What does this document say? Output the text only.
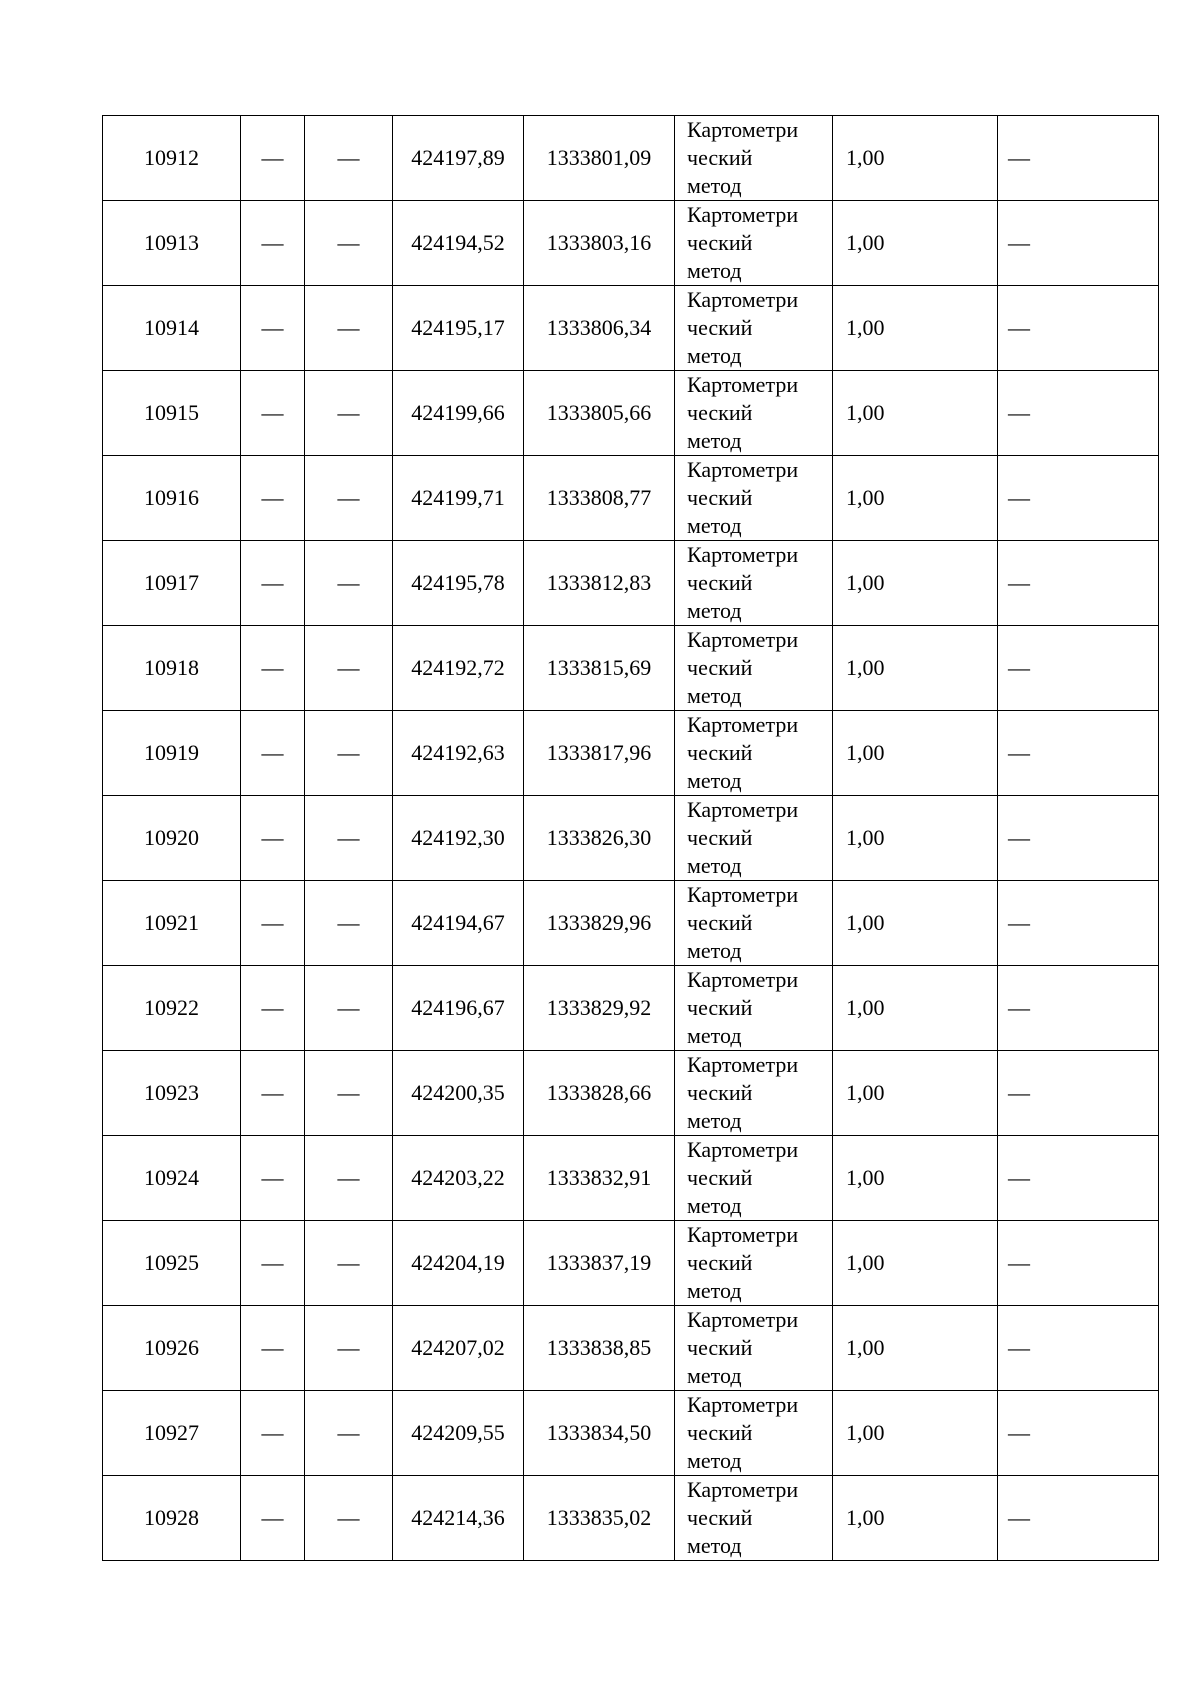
10912	—	—	424197,89	1333801,09	Картометри
ческий
метод	1,00	—
10913	—	—	424194,52	1333803,16	Картометри
ческий
метод	1,00	—
10914	—	—	424195,17	1333806,34	Картометри
ческий
метод	1,00	—
10915	—	—	424199,66	1333805,66	Картометри
ческий
метод	1,00	—
10916	—	—	424199,71	1333808,77	Картометри
ческий
метод	1,00	—
10917	—	—	424195,78	1333812,83	Картометри
ческий
метод	1,00	—
10918	—	—	424192,72	1333815,69	Картометри
ческий
метод	1,00	—
10919	—	—	424192,63	1333817,96	Картометри
ческий
метод	1,00	—
10920	—	—	424192,30	1333826,30	Картометри
ческий
метод	1,00	—
10921	—	—	424194,67	1333829,96	Картометри
ческий
метод	1,00	—
10922	—	—	424196,67	1333829,92	Картометри
ческий
метод	1,00	—
10923	—	—	424200,35	1333828,66	Картометри
ческий
метод	1,00	—
10924	—	—	424203,22	1333832,91	Картометри
ческий
метод	1,00	—
10925	—	—	424204,19	1333837,19	Картометри
ческий
метод	1,00	—
10926	—	—	424207,02	1333838,85	Картометри
ческий
метод	1,00	—
10927	—	—	424209,55	1333834,50	Картометри
ческий
метод	1,00	—
10928	—	—	424214,36	1333835,02	Картометри
ческий
метод	1,00	—
